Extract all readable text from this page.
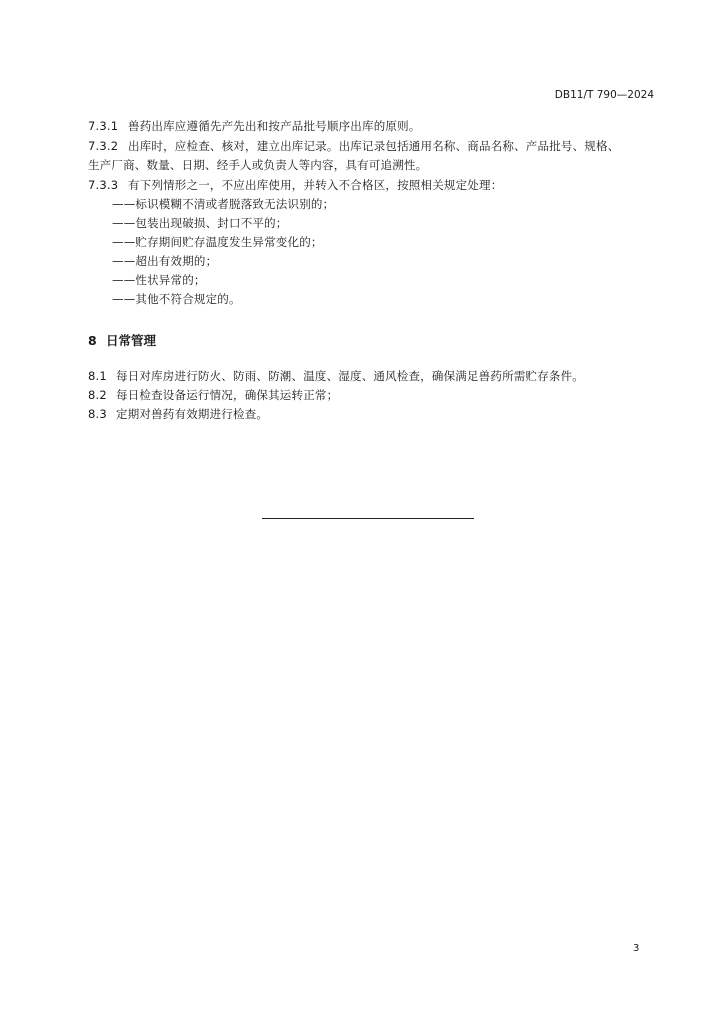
DB11/T 790—2024
7.3.1 兽药出库应遵循先产先出和按产品批号顺序出库的原则。
7.3.2 出库时，应检查、核对，建立出库记录。出库记录包括通用名称、商品名称、产品批号、规格、
生产厂商、数量、日期、经手人或负责人等内容，具有可追溯性。
7.3.3 有下列情形之一，不应出库使用，并转入不合格区，按照相关规定处理：
——标识模糊不清或者脱落致无法识别的；
——包装出现破损、封口不平的；
——贮存期间贮存温度发生异常变化的；
——超出有效期的；
——性状异常的；
——其他不符合规定的。
8 日常管理
8.1 每日对库房进行防火、防雨、防潮、温度、湿度、通风检查，确保满足兽药所需贮存条件。
8.2 每日检查设备运行情况，确保其运转正常；
8.3 定期对兽药有效期进行检查。
3
